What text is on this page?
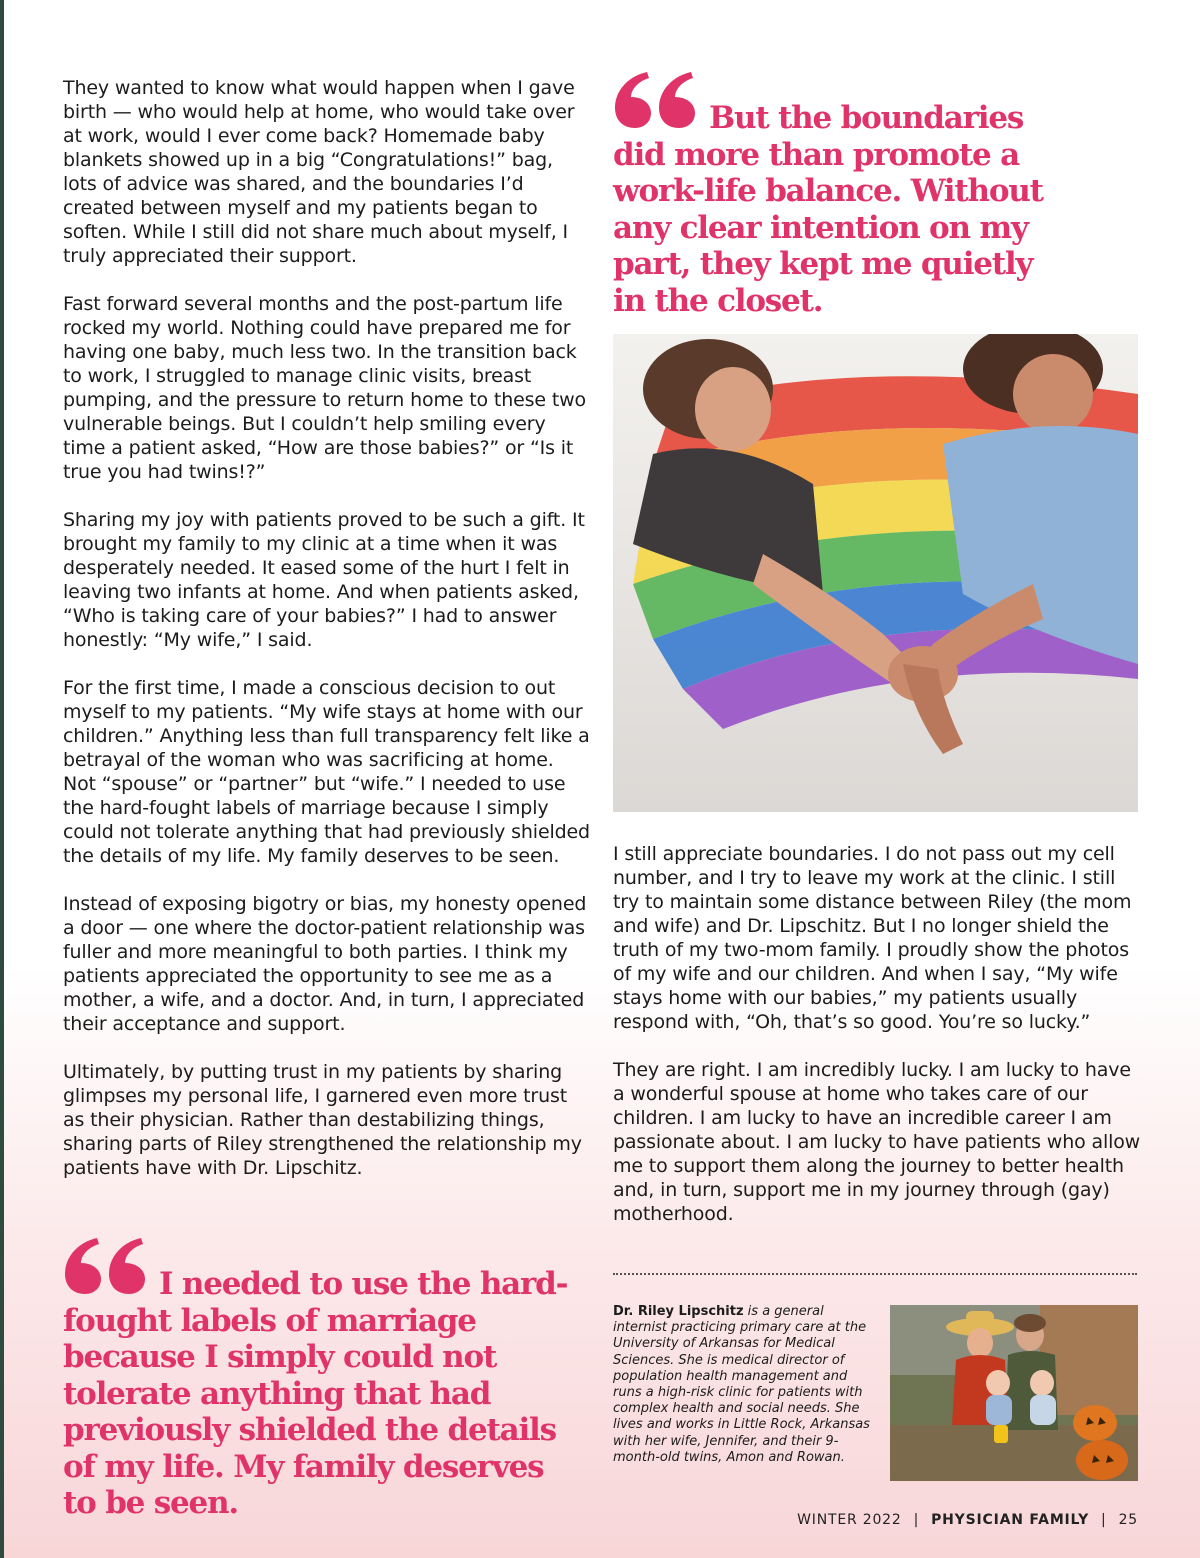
They wanted to know what would happen when I gave birth — who would help at home, who would take over at work, would I ever come back? Homemade baby blankets showed up in a big “Congratulations!” bag, lots of advice was shared, and the boundaries I’d created between myself and my patients began to soften. While I still did not share much about myself, I truly appreciated their support.

Fast forward several months and the post-partum life rocked my world. Nothing could have prepared me for having one baby, much less two. In the transition back to work, I struggled to manage clinic visits, breast pumping, and the pressure to return home to these two vulnerable beings. But I couldn’t help smiling every time a patient asked, “How are those babies?” or “Is it true you had twins!?”

Sharing my joy with patients proved to be such a gift. It brought my family to my clinic at a time when it was desperately needed. It eased some of the hurt I felt in leaving two infants at home. And when patients asked, “Who is taking care of your babies?” I had to answer honestly: “My wife,” I said.

For the first time, I made a conscious decision to out myself to my patients. “My wife stays at home with our children.” Anything less than full transparency felt like a betrayal of the woman who was sacrificing at home. Not “spouse” or “partner” but “wife.” I needed to use the hard-fought labels of marriage because I simply could not tolerate anything that had previously shielded the details of my life. My family deserves to be seen.

Instead of exposing bigotry or bias, my honesty opened a door — one where the doctor-patient relationship was fuller and more meaningful to both parties. I think my patients appreciated the opportunity to see me as a mother, a wife, and a doctor. And, in turn, I appreciated their acceptance and support.

Ultimately, by putting trust in my patients by sharing glimpses my personal life, I garnered even more trust as their physician. Rather than destabilizing things, sharing parts of Riley strengthened the relationship my patients have with Dr. Lipschitz.

I needed to use the hard-fought labels of marriage because I simply could not tolerate anything that had previously shielded the details of my life. My family deserves to be seen.

But the boundaries did more than promote a work-life balance. Without any clear intention on my part, they kept me quietly in the closet.

I still appreciate boundaries. I do not pass out my cell number, and I try to leave my work at the clinic. I still try to maintain some distance between Riley (the mom and wife) and Dr. Lipschitz. But I no longer shield the truth of my two-mom family. I proudly show the photos of my wife and our children. And when I say, “My wife stays home with our babies,” my patients usually respond with, “Oh, that’s so good. You’re so lucky.”

They are right. I am incredibly lucky. I am lucky to have a wonderful spouse at home who takes care of our children. I am lucky to have an incredible career I am passionate about. I am lucky to have patients who allow me to support them along the journey to better health and, in turn, support me in my journey through (gay) motherhood.

Dr. Riley Lipschitz is a general internist practicing primary care at the University of Arkansas for Medical Sciences. She is medical director of population health management and runs a high-risk clinic for patients with complex health and social needs. She lives and works in Little Rock, Arkansas with her wife, Jennifer, and their 9-month-old twins, Amon and Rowan.
WINTER 2022 | PHYSICIAN FAMILY | 25
